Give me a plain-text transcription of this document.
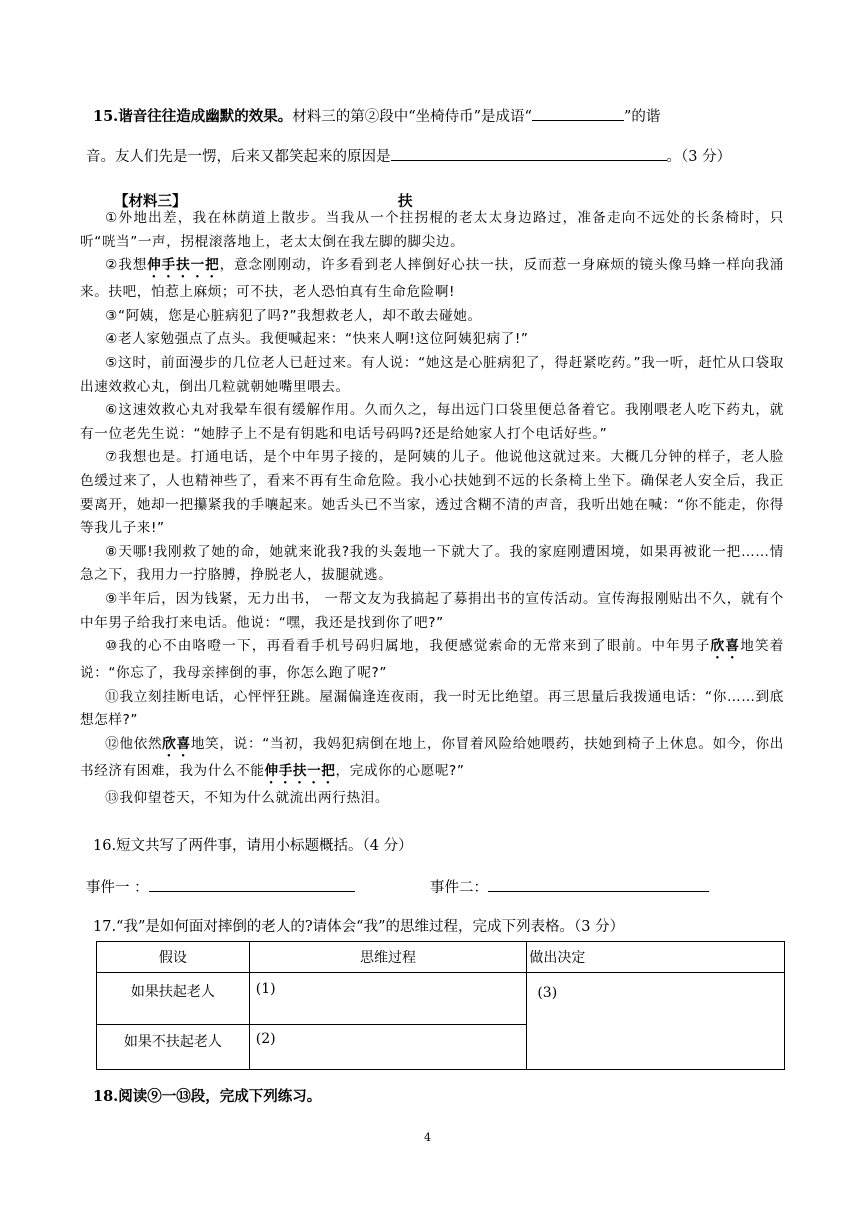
15.谐音往往造成幽默的效果。材料三的第②段中“坐椅侍币”是成语“	”的谐
音。友人们先是一愣，后来又都笑起来的原因是	。（3 分）
【材料三】	扶

①外地出差，我在林荫道上散步。当我从一个拄拐棍的老太太身边路过，准备走向不远处的长条椅时，只听“咣当”一声，拐棍滚落地上，老太太倒在我左脚的脚尖边。

②我想伸手扶一把，意念刚刚动，许多看到老人摔倒好心扶一扶，反而惹一身麻烦的镜头像马蜂一样向我涌来。扶吧，怕惹上麻烦；可不扶，老人恐怕真有生命危险啊!

③“阿姨，您是心脏病犯了吗?”我想救老人，却不敢去碰她。

④老人家勉强点了点头。我便喊起来：“快来人啊!这位阿姨犯病了!”

⑤这时，前面漫步的几位老人已赶过来。有人说：“她这是心脏病犯了，得赶紧吃药。”我一听，赶忙从口袋取出速效救心丸，倒出几粒就朝她嘴里喂去。

⑥这速效救心丸对我晕车很有缓解作用。久而久之，每出远门口袋里便总备着它。我刚喂老人吃下药丸，就有一位老先生说：“她脖子上不是有钥匙和电话号码吗?还是给她家人打个电话好些。”

⑦我想也是。打通电话，是个中年男子接的，是阿姨的儿子。他说他这就过来。大概几分钟的样子，老人脸色缓过来了，人也精神些了，看来不再有生命危险。我小心扶她到不远的长条椅上坐下。确保老人安全后，我正要离开，她却一把攥紧我的手嚷起来。她舌头已不当家，透过含糊不清的声音，我听出她在喊：“你不能走，你得等我儿子来!”

⑧天哪!我刚救了她的命，她就来讹我?我的头轰地一下就大了。我的家庭刚遭困境，如果再被讹一把……情急之下，我用力一拧胳膊，挣脱老人，拔腿就逃。

⑨半年后，因为钱紧，无力出书， 一帮文友为我搞起了募捐出书的宣传活动。宣传海报刚贴出不久，就有个中年男子给我打来电话。他说：“嘿，我还是找到你了吧?”

⑩我的心不由咯噔一下，再看看手机号码归属地，我便感觉索命的无常来到了眼前。中年男子欣喜地笑着说：“你忘了，我母亲摔倒的事，你怎么跑了呢?”

⑪我立刻挂断电话，心怦怦狂跳。屋漏偏逢连夜雨，我一时无比绝望。再三思量后我拨通电话：“你……到底想怎样?”

⑫他依然欣喜地笑，说：“当初，我妈犯病倒在地上，你冒着风险给她喂药，扶她到椅子上休息。如今，你出书经济有困难，我为什么不能伸手扶一把，完成你的心愿呢?”

⑬我仰望苍天，不知为什么就流出两行热泪。

16.短文共写了两件事，请用小标题概括。（4 分）
事件一 ：	事件二：
17.“我”是如何面对摔倒的老人的?请体会“我”的思维过程，完成下列表格。（3 分）
假设	思维过程	做出决定
如果扶起老人	(1)	(3)
如果不扶起老人	(2)	
18.阅读⑨一⑬段，完成下列练习。
4
